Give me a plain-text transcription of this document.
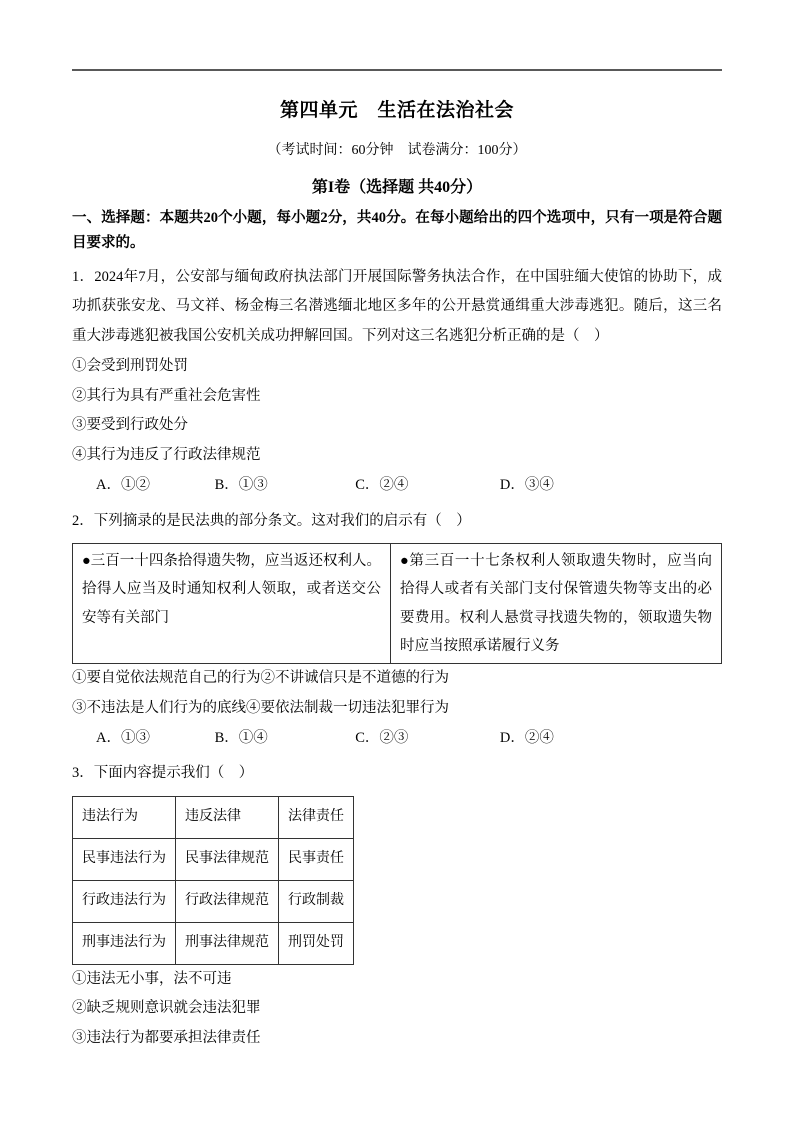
第四单元　生活在法治社会

（考试时间：60分钟　试卷满分：100分）

第I卷（选择题 共40分）

一、选择题：本题共20个小题，每小题2分，共40分。在每小题给出的四个选项中，只有一项是符合题目要求的。

1．2024年7月，公安部与缅甸政府执法部门开展国际警务执法合作，在中国驻缅大使馆的协助下，成功抓获张安龙、马文祥、杨金梅三名潜逃缅北地区多年的公开悬赏通缉重大涉毒逃犯。随后，这三名重大涉毒逃犯被我国公安机关成功押解回国。下列对这三名逃犯分析正确的是（　）

①会受到刑罚处罚

②其行为具有严重社会危害性

③要受到行政处分

④其行为违反了行政法律规范

A．①②	B．①③	C．②④	D．③④

2．下列摘录的是民法典的部分条文。这对我们的启示有（　）

●三百一十四条拾得遗失物，应当返还权利人。拾得人应当及时通知权利人领取，或者送交公安等有关部门	●第三百一十七条权利人领取遗失物时，应当向拾得人或者有关部门支付保管遗失物等支出的必要费用。权利人悬赏寻找遗失物的，领取遗失物时应当按照承诺履行义务

①要自觉依法规范自己的行为②不讲诚信只是不道德的行为

③不违法是人们行为的底线④要依法制裁一切违法犯罪行为

A．①③	B．①④	C．②③	D．②④

3．下面内容提示我们（　）

违法行为	违反法律	法律责任
民事违法行为	民事法律规范	民事责任
行政违法行为	行政法律规范	行政制裁
刑事违法行为	刑事法律规范	刑罚处罚

①违法无小事，法不可违

②缺乏规则意识就会违法犯罪

③违法行为都要承担法律责任
